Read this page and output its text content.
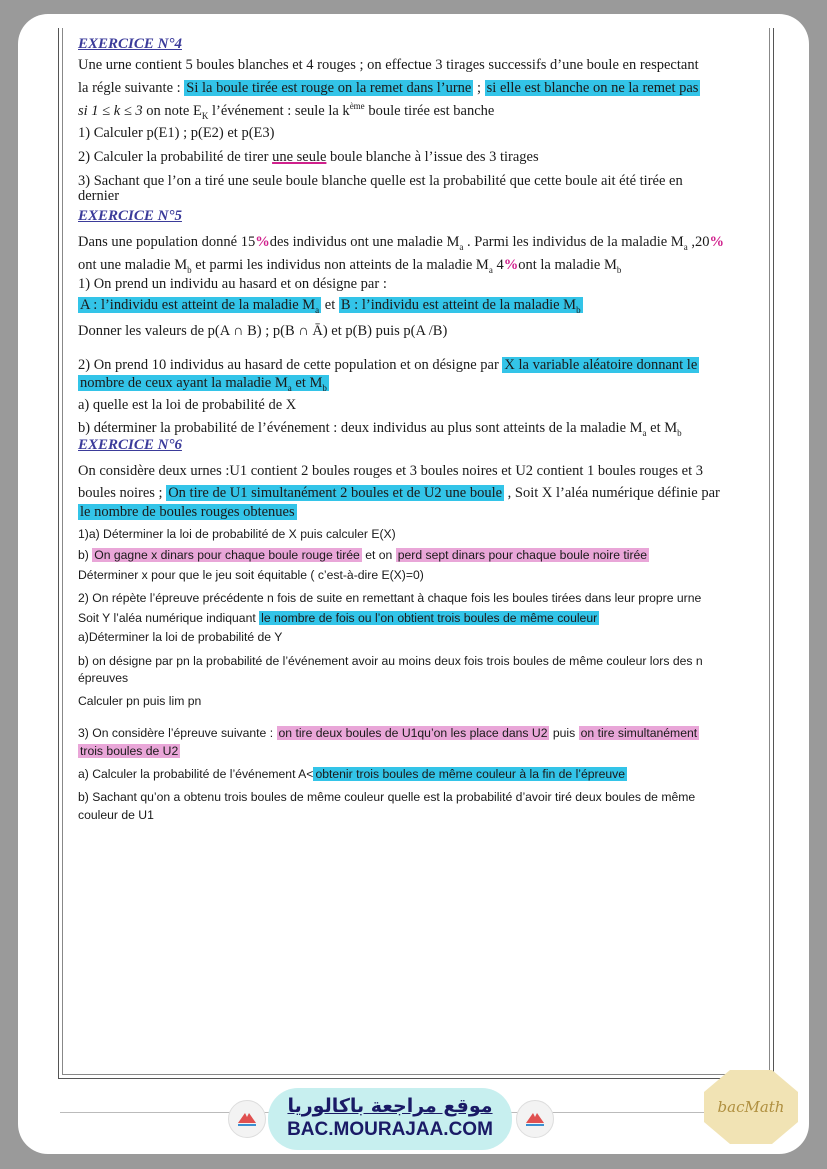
EXERCICE N°4
Une urne contient 5 boules blanches et 4 rouges ; on effectue 3 tirages successifs d’une boule en respectant
la régle suivante : Si la boule tirée est rouge on la remet dans l’urne ; si elle est blanche on ne la remet pas
si 1 ≤ k ≤ 3 on note $E_K$ l’événement : seule la $k^{ème}$ boule tirée est banche
1) Calculer p(E1) ; p(E2) et p(E3)
2) Calculer la probabilité de tirer une seule boule blanche à l’issue des 3 tirages
3) Sachant que l’on a tiré une seule boule blanche quelle est la probabilité que cette boule ait été tirée en
dernier
EXERCICE N°5
Dans une population donné 15%des individus ont une maladie $M_a$ . Parmi les individus de la maladie $M_a$ ,20%
ont une maladie $M_b$ et parmi les individus non atteints de la maladie $M_a$ 4%ont la maladie $M_b$
1) On prend un individu au hasard et on désigne par :
A : l’individu est atteint de la maladie $M_a$ et B : l’individu est atteint de la maladie $M_b$
Donner les valeurs de p(A ∩ B) ; p(B ∩ Ā) et p(B) puis p(A /B)
2) On prend 10 individus au hasard de cette population et on désigne par X la variable aléatoire donnant le
nombre de ceux ayant la maladie $M_a$ et $M_b$
a) quelle est la loi de probabilité de X
b) déterminer la probabilité de l’événement : deux individus au plus sont atteints de la maladie $M_a$ et $M_b$
EXERCICE N°6
On considère deux urnes :U1 contient 2 boules rouges et 3 boules noires et U2 contient 1 boules rouges et 3
boules noires ; On tire de U1 simultanément 2 boules et de U2 une boule , Soit X l’aléa numérique définie par
le nombre de boules rouges obtenues
1)a) Déterminer la loi de probabilité de X puis calculer E(X)
b) On gagne x dinars pour chaque boule rouge tirée et on perd sept dinars pour chaque boule noire tirée
Déterminer x pour que le jeu soit équitable ( c’est-à-dire E(X)=0)
2) On répète l’épreuve précédente n fois de suite en remettant à chaque fois les boules tirées dans leur propre urne
Soit Y l’aléa numérique indiquant le nombre de fois ou l’on obtient trois boules de même couleur
a)Déterminer la loi de probabilité de Y
b) on désigne par pn la probabilité de l’événement avoir au moins deux fois trois boules de même couleur lors des n
épreuves
Calculer pn puis lim pn
3) On considère l’épreuve suivante : on tire deux boules de U1qu’on les place dans U2 puis on tire simultanément
trois boules de U2
a) Calculer la probabilité de l’événement A< obtenir trois boules de même couleur à la fin de l’épreuve
b) Sachant qu’on a obtenu trois boules de même couleur quelle est la probabilité d’avoir tiré deux boules de même
couleur de U1
موقع مراجعة باكالوريا
BAC.MOURAJAA.COM
bacMath
